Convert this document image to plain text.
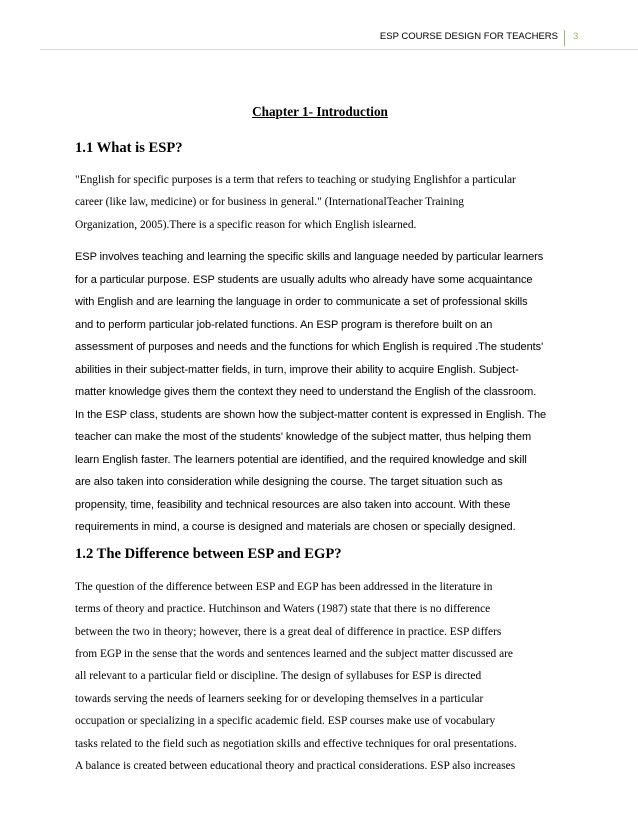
ESP COURSE DESIGN FOR TEACHERS 3
Chapter 1- Introduction
1.1 What is ESP?
"English for specific purposes is a term that refers to teaching or studying Englishfor a particular
career (like law, medicine) or for business in general." (InternationalTeacher Training
Organization, 2005).There is a specific reason for which English islearned.
ESP involves teaching and learning the specific skills and language needed by particular learners
for a particular purpose. ESP students are usually adults who already have some acquaintance
with English and are learning the language in order to communicate a set of professional skills
and to perform particular job-related functions. An ESP program is therefore built on an
assessment of purposes and needs and the functions for which English is required .The students'
abilities in their subject-matter fields, in turn, improve their ability to acquire English. Subject-
matter knowledge gives them the context they need to understand the English of the classroom.
In the ESP class, students are shown how the subject-matter content is expressed in English. The
teacher can make the most of the students' knowledge of the subject matter, thus helping them
learn English faster. The learners potential are identified, and the required knowledge and skill
are also taken into consideration while designing the course. The target situation such as
propensity, time, feasibility and technical resources are also taken into account. With these
requirements in mind, a course is designed and materials are chosen or specially designed.
1.2 The Difference between ESP and EGP?
The question of the difference between ESP and EGP has been addressed in the literature in
terms of theory and practice. Hutchinson and Waters (1987) state that there is no difference
between the two in theory; however, there is a great deal of difference in practice. ESP differs
from EGP in the sense that the words and sentences learned and the subject matter discussed are
all relevant to a particular field or discipline. The design of syllabuses for ESP is directed
towards serving the needs of learners seeking for or developing themselves in a particular
occupation or specializing in a specific academic field. ESP courses make use of vocabulary
tasks related to the field such as negotiation skills and effective techniques for oral presentations.
A balance is created between educational theory and practical considerations. ESP also increases
